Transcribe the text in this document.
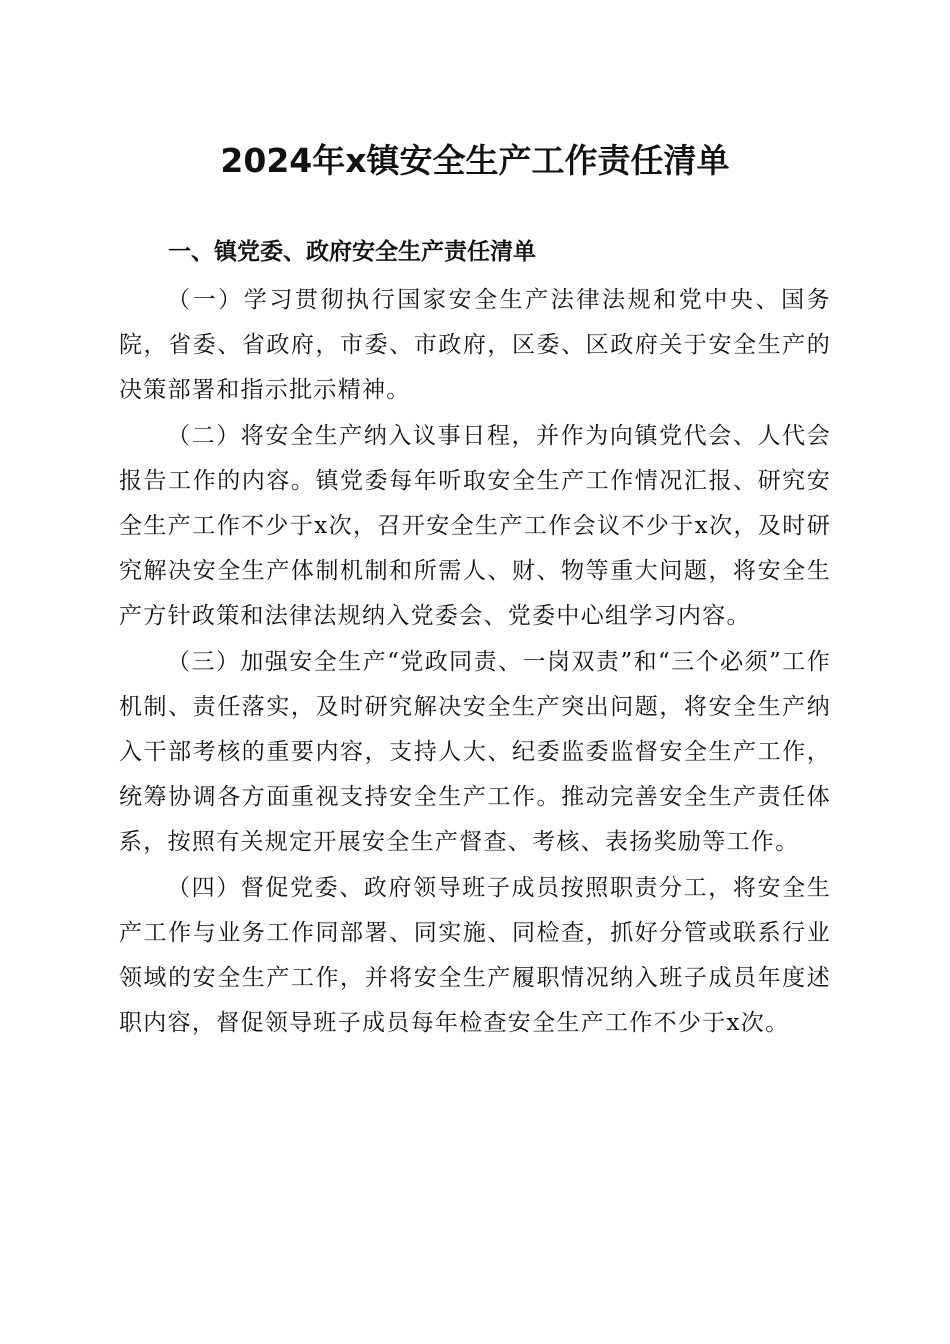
2024年x镇安全生产工作责任清单
一、镇党委、政府安全生产责任清单

（一）学习贯彻执行国家安全生产法律法规和党中央、国务院，省委、省政府，市委、市政府，区委、区政府关于安全生产的决策部署和指示批示精神。

（二）将安全生产纳入议事日程，并作为向镇党代会、人代会报告工作的内容。镇党委每年听取安全生产工作情况汇报、研究安全生产工作不少于x次，召开安全生产工作会议不少于x次，及时研究解决安全生产体制机制和所需人、财、物等重大问题，将安全生产方针政策和法律法规纳入党委会、党委中心组学习内容。

（三）加强安全生产“党政同责、一岗双责”和“三个必须”工作机制、责任落实，及时研究解决安全生产突出问题，将安全生产纳入干部考核的重要内容，支持人大、纪委监委监督安全生产工作，统筹协调各方面重视支持安全生产工作。推动完善安全生产责任体系，按照有关规定开展安全生产督查、考核、表扬奖励等工作。

（四）督促党委、政府领导班子成员按照职责分工，将安全生产工作与业务工作同部署、同实施、同检查，抓好分管或联系行业领域的安全生产工作，并将安全生产履职情况纳入班子成员年度述职内容，督促领导班子成员每年检查安全生产工作不少于x次。
